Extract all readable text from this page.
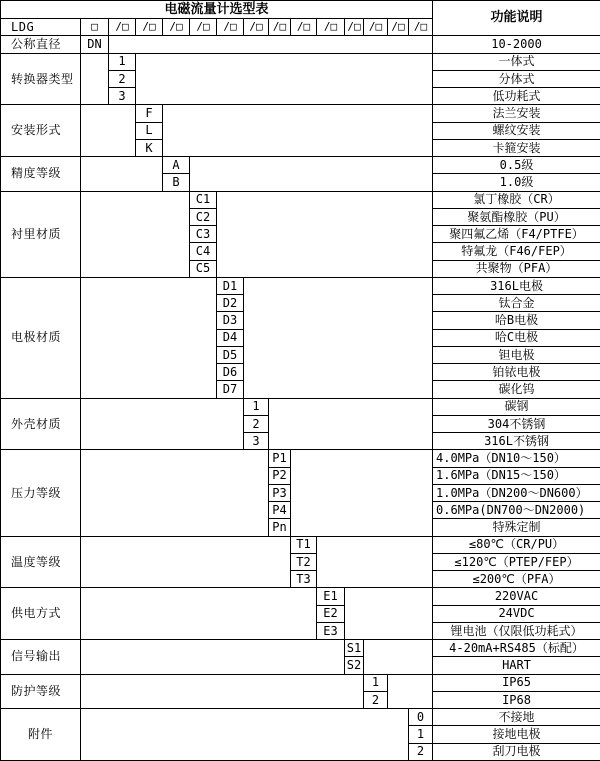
电磁流量计选型表															功能说明
LDG	□	/□	/□	/□	/□	/□	/□	/□	/□	/□	/□	/□	/□	/□	
公称直径	DN														10-2000
转换器类型		1													一体式
		2													分体式
		3													低功耗式
安装形式			F												法兰安装
			L												螺纹安装
			K												卡箍安装
精度等级				A											0.5级
				B											1.0级
衬里材质					C1										氯丁橡胶（CR）
					C2										聚氨酯橡胶（PU）
					C3										聚四氟乙烯（F4/PTFE）
					C4										特氟龙（F46/FEP）
					C5										共聚物（PFA）
电极材质						D1									316L电极
						D2									钛合金
						D3									哈B电极
						D4									哈C电极
						D5									钽电极
						D6									铂铱电极
						D7									碳化钨
外壳材质							1								碳钢
							2								304不锈钢
							3								316L不锈钢
压力等级								P1							4.0MPa（DN10～150）
								P2							1.6MPa（DN15～150）
								P3							1.0MPa（DN200～DN600）
								P4							0.6MPa(DN700～DN2000)
								Pn							特殊定制
温度等级									T1						≤80℃（CR/PU）
									T2						≤120℃（PTEP/FEP）
									T3						≤200℃（PFA）
供电方式										E1					220VAC
										E2					24VDC
										E3					锂电池（仅限低功耗式）
信号输出											S1				4-20mA+RS485（标配）
											S2				HART
防护等级												1			IP65
												2			IP68
附件														0	不接地
														1	接地电极
														2	刮刀电极
